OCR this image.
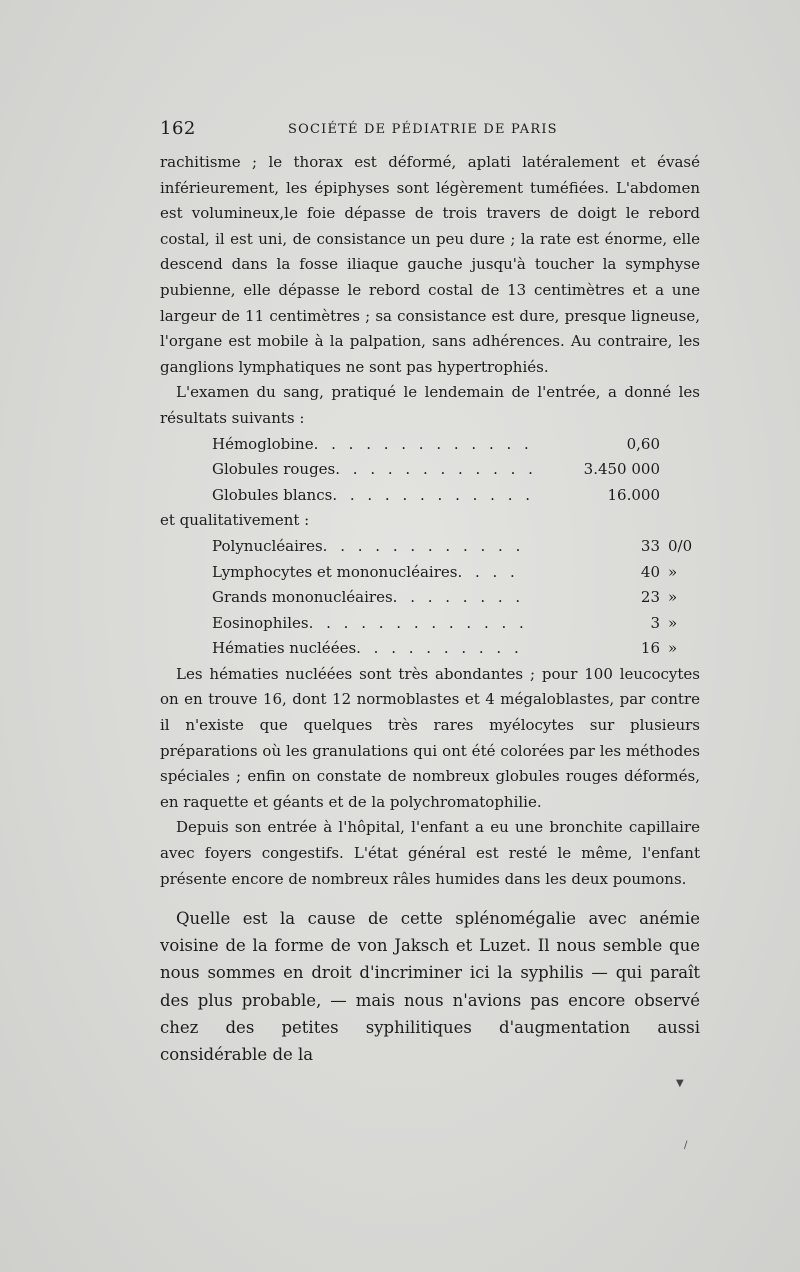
162	SOCIÉTÉ DE PÉDIATRIE DE PARIS

rachitisme ; le thorax est déformé, aplati latéralement et évasé inférieurement, les épiphyses sont légèrement tuméfiées. L'abdomen est volumineux,le foie dépasse de trois travers de doigt le rebord costal, il est uni, de consistance un peu dure ; la rate est énorme, elle descend dans la fosse iliaque gauche jusqu'à toucher la symphyse pubienne, elle dépasse le rebord costal de 13 centimètres et a une largeur de 11 centimètres ; sa consistance est dure, presque ligneuse, l'organe est mobile à la palpation, sans adhérences. Au contraire, les ganglions lymphatiques ne sont pas hypertrophiés.

L'examen du sang, pratiqué le lendemain de l'entrée, a donné les résultats suivants :

Hémoglobine. . . . . . . . . . . . .	0,60
Globules rouges. . . . . . . . . . . .	3.450 000
Globules blancs. . . . . . . . . . . .	16.000
et qualitativement :
Polynucléaires. . . . . . . . . . . .	33 0/0
Lymphocytes et mononucléaires. . . .	40 »
Grands mononucléaires. . . . . . . .	23 »
Eosinophiles. . . . . . . . . . . . .	3 »
Hématies nucléées. . . . . . . . . .	16 »

Les hématies nucléées sont très abondantes ; pour 100 leucocytes on en trouve 16, dont 12 normoblastes et 4 mégaloblastes, par contre il n'existe que quelques très rares myélocytes sur plusieurs préparations où les granulations qui ont été colorées par les méthodes spéciales ; enfin on constate de nombreux globules rouges déformés, en raquette et géants et de la polychromatophilie.

Depuis son entrée à l'hôpital, l'enfant a eu une bronchite capillaire avec foyers congestifs. L'état général est resté le même, l'enfant présente encore de nombreux râles humides dans les deux poumons.

Quelle est la cause de cette splénomégalie avec anémie voisine de la forme de von Jaksch et Luzet. Il nous semble que nous sommes en droit d'incriminer ici la syphilis — qui paraît des plus probable, — mais nous n'avions pas encore observé chez des petites syphilitiques d'augmentation aussi considérable de la

▼
/
